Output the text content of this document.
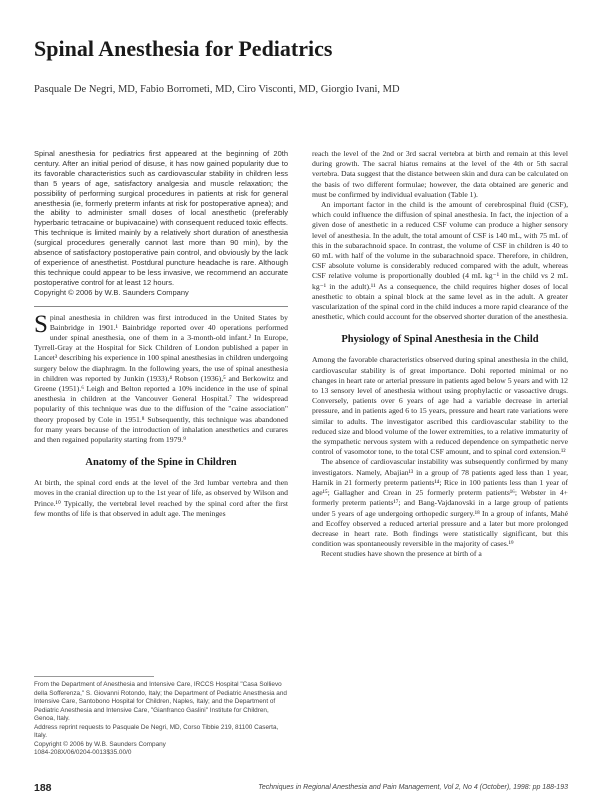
Spinal Anesthesia for Pediatrics
Pasquale De Negri, MD, Fabio Borrometi, MD, Ciro Visconti, MD, Giorgio Ivani, MD

Spinal anesthesia for pediatrics first appeared at the beginning of 20th century. After an initial period of disuse, it has now gained popularity due to its favorable characteristics such as cardiovascular stability in children less than 5 years of age, satisfactory analgesia and muscle relaxation; the possibility of performing surgical procedures in patients at risk for general anesthesia (ie, formerly preterm infants at risk for postoperative apnea); and the ability to administer small doses of local anesthetic (preferably hyperbaric tetracaine or bupivacaine) with consequent reduced toxic effects. This technique is limited mainly by a relatively short duration of anesthesia (surgical procedures generally cannot last more than 90 min), by the absence of satisfactory postoperative pain control, and obviously by the lack of experience of anesthetist. Postdural puncture headache is rare. Although this technique could appear to be less invasive, we recommend an accurate postoperative control for at least 12 hours.

Copyright © 2006 by W.B. Saunders Company

Spinal anesthesia in children was first introduced in the United States by Bainbridge in 1901.¹ Bainbridge reported over 40 operations performed under spinal anesthesia, one of them in a 3-month-old infant.² In Europe, Tyrrell-Gray at the Hospital for Sick Children of London published a paper in Lancet³ describing his experience in 100 spinal anesthesias in children undergoing surgery below the diaphragm. In the following years, the use of spinal anesthesia in children was reported by Junkin (1933),⁴ Robson (1936),⁵ and Berkowitz and Greene (1951).⁶ Leigh and Belton reported a 10% incidence in the use of spinal anesthesia in children at the Vancouver General Hospital.⁷ The widespread popularity of this technique was due to the diffusion of the "caine association" theory proposed by Cole in 1951.⁸ Subsequently, this technique was abandoned for many years because of the introduction of inhalation anesthetics and curares and then regained popularity starting from 1979.⁹

Anatomy of the Spine in Children

At birth, the spinal cord ends at the level of the 3rd lumbar vertebra and then moves in the cranial direction up to the 1st year of life, as observed by Wilson and Prince.¹⁰ Typically, the vertebral level reached by the spinal cord after the first few months of life is that observed in adult age. The meninges

reach the level of the 2nd or 3rd sacral vertebra at birth and remain at this level during growth. The sacral hiatus remains at the level of the 4th or 5th sacral vertebra. Data suggest that the distance between skin and dura can be calculated on the basis of two different formulae; however, the data obtained are generic and must be confirmed by individual evaluation (Table 1).

An important factor in the child is the amount of cerebrospinal fluid (CSF), which could influence the diffusion of spinal anesthesia. In fact, the injection of a given dose of anesthetic in a reduced CSF volume can produce a higher sensory level of anesthesia. In the adult, the total amount of CSF is 140 mL, with 75 mL of this in the subarachnoid space. In contrast, the volume of CSF in children is 40 to 60 mL with half of the volume in the subarachnoid space. Therefore, in children, CSF absolute volume is considerably reduced compared with the adult, whereas CSF relative volume is proportionally doubled (4 mL kg⁻¹ in the child vs 2 mL kg⁻¹ in the adult).¹¹ As a consequence, the child requires higher doses of local anesthetic to obtain a spinal block at the same level as in the adult. A greater vascularization of the spinal cord in the child induces a more rapid clearance of the anesthetic, which could account for the observed shorter duration of the anesthesia.

Physiology of Spinal Anesthesia in the Child

Among the favorable characteristics observed during spinal anesthesia in the child, cardiovascular stability is of great importance. Dohi reported minimal or no changes in heart rate or arterial pressure in patients aged below 5 years and with 12 to 13 sensory level of anesthesia without using prophylactic or vasoactive drugs. Conversely, patients over 6 years of age had a variable decrease in arterial pressure, and in patients aged 6 to 15 years, pressure and heart rate variations were similar to adults. The investigator ascribed this cardiovascular stability to the reduced size and blood volume of the lower extremities, to a relative immaturity of the sympathetic nervous system with a reduced dependence on sympathetic nerve control of vasomotor tone, to the total CSF amount, and to spinal cord extension.¹²

The absence of cardiovascular instability was subsequently confirmed by many investigators. Namely, Abajian¹³ in a group of 78 patients aged less than 1 year, Harnik in 21 formerly preterm patients¹⁴; Rice in 100 patients less than 1 year of age¹⁵; Gallagher and Crean in 25 formerly preterm patients¹⁶; Webster in 4+ formerly preterm patients¹⁷; and Bang-Vajdanovski in a large group of patients under 5 years of age undergoing orthopedic surgery.¹⁸ In a group of infants, Mahé and Ecoffey observed a reduced arterial pressure and a later but more prolonged decrease in heart rate. Both findings were statistically significant, but this condition was spontaneously reversible in the majority of cases.¹⁹

Recent studies have shown the presence at birth of a

From the Department of Anesthesia and Intensive Care, IRCCS Hospital "Casa Sollievo della Sofferenza," S. Giovanni Rotondo, Italy; the Department of Pediatric Anesthesia and Intensive Care, Santobono Hospital for Children, Naples, Italy; and the Department of Pediatric Anesthesia and Intensive Care, "Gianfranco Gaslini" Institute for Children, Genoa, Italy.

Address reprint requests to Pasquale De Negri, MD, Corso Tibbie 219, 81100 Caserta, Italy.

Copyright © 2006 by W.B. Saunders Company

1084-208X/06/0204-0013$35.00/0

188	Techniques in Regional Anesthesia and Pain Management, Vol 2, No 4 (October), 1998: pp 188-193
